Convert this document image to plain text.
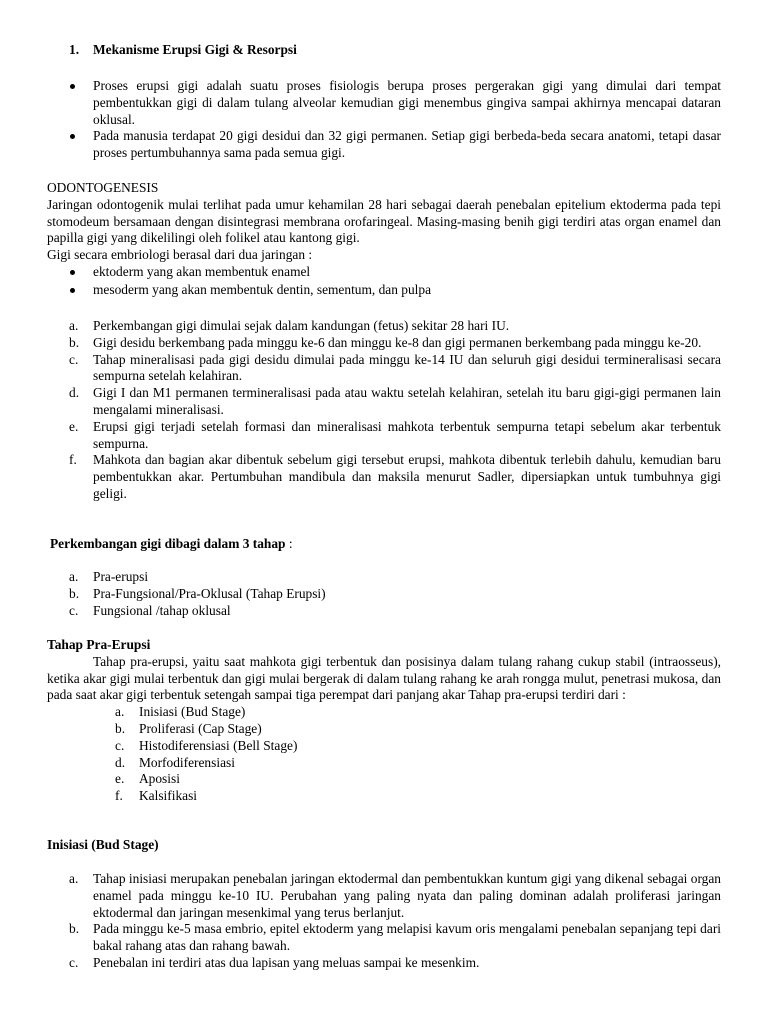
1. Mekanisme Erupsi Gigi & Resorpsi
Proses erupsi gigi adalah suatu proses fisiologis berupa proses pergerakan gigi yang dimulai dari tempat pembentukkan gigi di dalam tulang alveolar kemudian gigi menembus gingiva sampai akhirnya mencapai dataran oklusal.
Pada manusia terdapat 20 gigi desidui dan 32 gigi permanen. Setiap gigi berbeda-beda secara anatomi, tetapi dasar proses pertumbuhannya sama pada semua gigi.
ODONTOGENESIS
Jaringan odontogenik mulai terlihat pada umur kehamilan 28 hari sebagai daerah penebalan epitelium ektoderma pada tepi stomodeum bersamaan dengan disintegrasi membrana orofaringeal. Masing-masing benih gigi terdiri atas organ enamel dan papilla gigi yang dikelilingi oleh folikel atau kantong gigi.
Gigi secara embriologi berasal dari dua jaringan :
ektoderm yang akan membentuk enamel
mesoderm yang akan membentuk dentin, sementum, dan pulpa
a. Perkembangan gigi dimulai sejak dalam kandungan (fetus) sekitar 28 hari IU.
b. Gigi desidu berkembang pada minggu ke-6 dan minggu ke-8 dan gigi permanen berkembang pada minggu ke-20.
c. Tahap mineralisasi pada gigi desidu dimulai pada minggu ke-14 IU dan seluruh gigi desidui termineralisasi secara sempurna setelah kelahiran.
d. Gigi I dan M1 permanen termineralisasi pada atau waktu setelah kelahiran, setelah itu baru gigi-gigi permanen lain mengalami mineralisasi.
e. Erupsi gigi terjadi setelah formasi dan mineralisasi mahkota terbentuk sempurna tetapi sebelum akar terbentuk sempurna.
f. Mahkota dan bagian akar dibentuk sebelum gigi tersebut erupsi, mahkota dibentuk terlebih dahulu, kemudian baru pembentukkan akar. Pertumbuhan mandibula dan maksila menurut Sadler, dipersiapkan untuk tumbuhnya gigi geligi.
Perkembangan gigi dibagi dalam 3 tahap :
a. Pra-erupsi
b. Pra-Fungsional/Pra-Oklusal (Tahap Erupsi)
c. Fungsional /tahap oklusal
Tahap Pra-Erupsi
Tahap pra-erupsi, yaitu saat mahkota gigi terbentuk dan posisinya dalam tulang rahang cukup stabil (intraosseus), ketika akar gigi mulai terbentuk dan gigi mulai bergerak di dalam tulang rahang ke arah rongga mulut, penetrasi mukosa, dan pada saat akar gigi terbentuk setengah sampai tiga perempat dari panjang akar Tahap pra-erupsi terdiri dari :
a. Inisiasi (Bud Stage)
b. Proliferasi (Cap Stage)
c. Histodiferensiasi (Bell Stage)
d. Morfodiferensiasi
e. Aposisi
f. Kalsifikasi
Inisiasi (Bud Stage)
a. Tahap inisiasi merupakan penebalan jaringan ektodermal dan pembentukkan kuntum gigi yang dikenal sebagai organ enamel pada minggu ke-10 IU. Perubahan yang paling nyata dan paling dominan adalah proliferasi jaringan ektodermal dan jaringan mesenkimal yang terus berlanjut.
b. Pada minggu ke-5 masa embrio, epitel ektoderm yang melapisi kavum oris mengalami penebalan sepanjang tepi dari bakal rahang atas dan rahang bawah.
c. Penebalan ini terdiri atas dua lapisan yang meluas sampai ke mesenkim.
